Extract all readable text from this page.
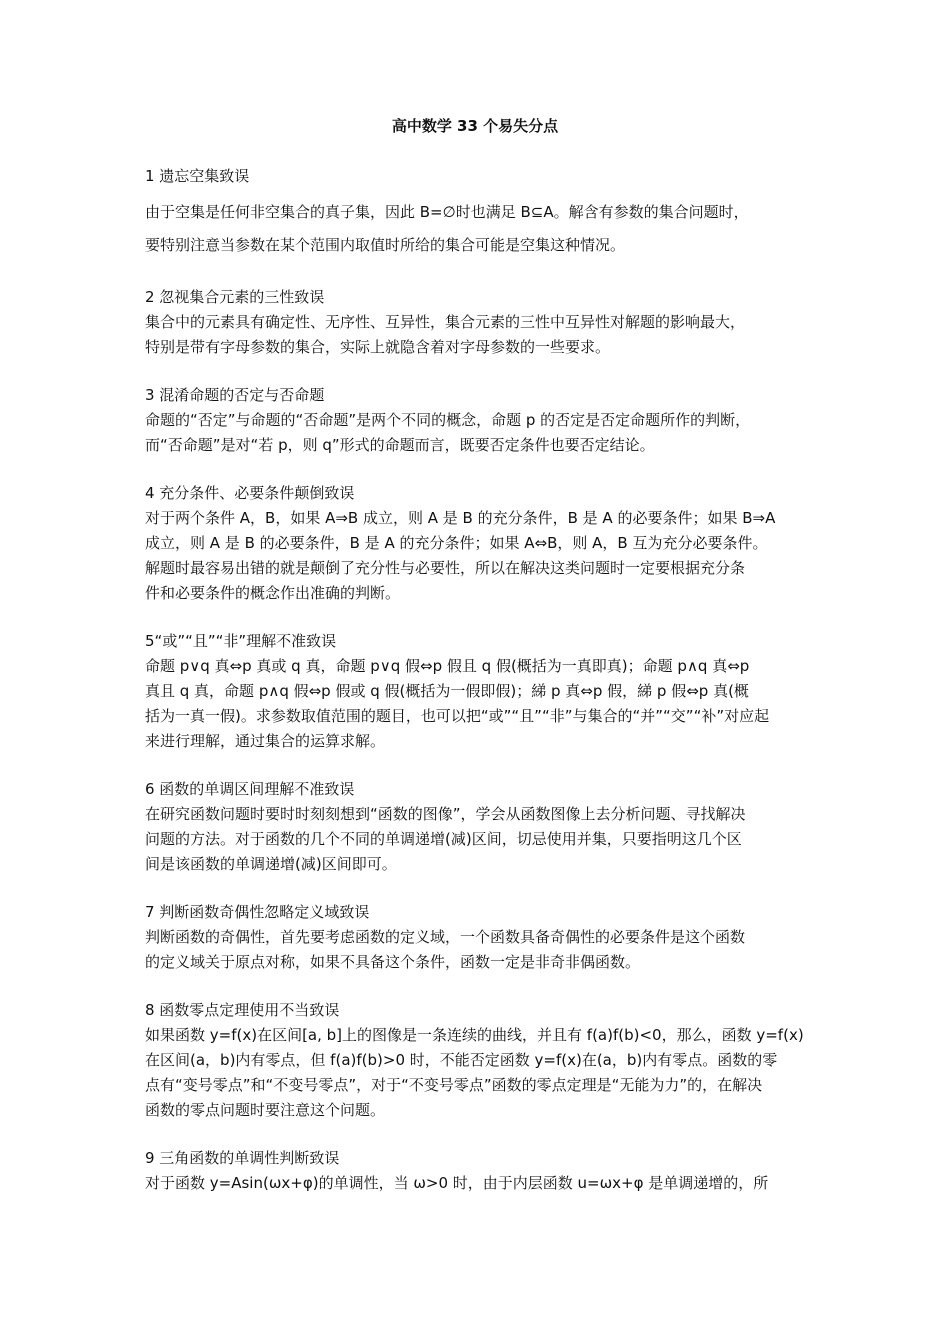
高中数学 33 个易失分点
1 遗忘空集致误
由于空集是任何非空集合的真子集，因此 B=∅时也满足 B⊆A。解含有参数的集合问题时，
要特别注意当参数在某个范围内取值时所给的集合可能是空集这种情况。
2 忽视集合元素的三性致误
集合中的元素具有确定性、无序性、互异性，集合元素的三性中互异性对解题的影响最大，
特别是带有字母参数的集合，实际上就隐含着对字母参数的一些要求。
3 混淆命题的否定与否命题
命题的“否定”与命题的“否命题”是两个不同的概念，命题 p 的否定是否定命题所作的判断，
而“否命题”是对“若 p，则 q”形式的命题而言，既要否定条件也要否定结论。
4 充分条件、必要条件颠倒致误
对于两个条件 A，B，如果 A⇒B 成立，则 A 是 B 的充分条件，B 是 A 的必要条件；如果 B⇒A
成立，则 A 是 B 的必要条件，B 是 A 的充分条件；如果 A⇔B，则 A，B 互为充分必要条件。
解题时最容易出错的就是颠倒了充分性与必要性，所以在解决这类问题时一定要根据充分条
件和必要条件的概念作出准确的判断。
5“或”“且”“非”理解不准致误
命题 p∨q 真⇔p 真或 q 真，命题 p∨q 假⇔p 假且 q 假(概括为一真即真)；命题 p∧q 真⇔p
真且 q 真，命题 p∧q 假⇔p 假或 q 假(概括为一假即假)；綈 p 真⇔p 假，綈 p 假⇔p 真(概
括为一真一假)。求参数取值范围的题目，也可以把“或”“且”“非”与集合的“并”“交”“补”对应起
来进行理解，通过集合的运算求解。
6 函数的单调区间理解不准致误
在研究函数问题时要时时刻刻想到“函数的图像”，学会从函数图像上去分析问题、寻找解决
问题的方法。对于函数的几个不同的单调递增(减)区间，切忌使用并集，只要指明这几个区
间是该函数的单调递增(减)区间即可。
7 判断函数奇偶性忽略定义域致误
判断函数的奇偶性，首先要考虑函数的定义域，一个函数具备奇偶性的必要条件是这个函数
的定义域关于原点对称，如果不具备这个条件，函数一定是非奇非偶函数。
8 函数零点定理使用不当致误
如果函数 y=f(x)在区间[a, b]上的图像是一条连续的曲线，并且有 f(a)f(b)<0，那么，函数 y=f(x)
在区间(a，b)内有零点，但 f(a)f(b)>0 时，不能否定函数 y=f(x)在(a，b)内有零点。函数的零
点有“变号零点”和“不变号零点”，对于“不变号零点”函数的零点定理是“无能为力”的，在解决
函数的零点问题时要注意这个问题。
9 三角函数的单调性判断致误
对于函数 y=Asin(ωx+φ)的单调性，当 ω>0 时，由于内层函数 u=ωx+φ 是单调递增的，所
